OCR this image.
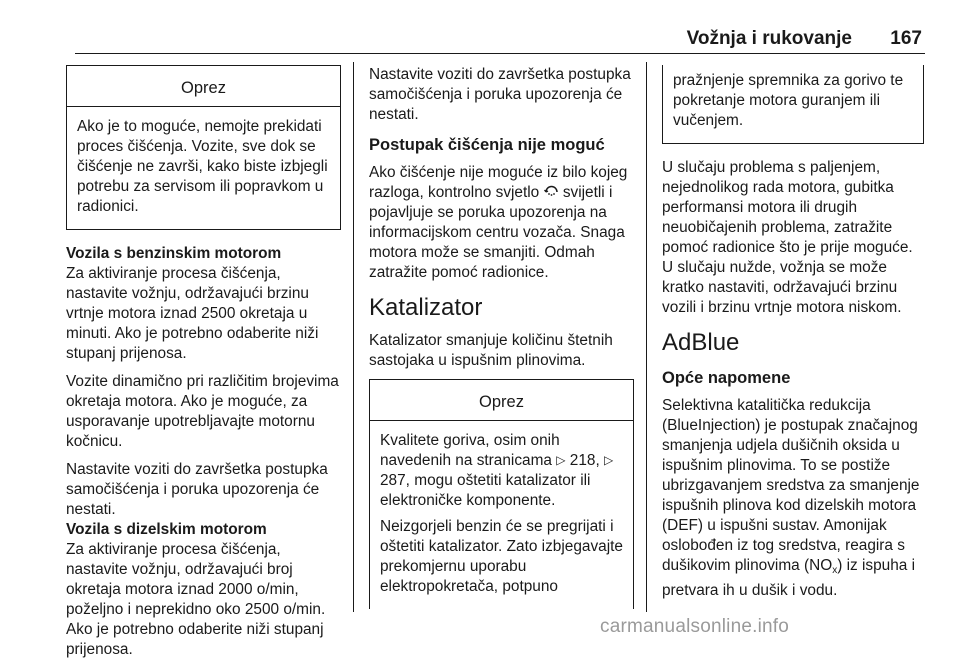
Vožnja i rukovanje 167
Oprez

Ako je to moguće, nemojte prekidati proces čišćenja. Vozite, sve dok se čišćenje ne završi, kako biste izbjegli potrebu za servisom ili popravkom u radionici.

Vozila s benzinskim motorom

Za aktiviranje procesa čišćenja, nastavite vožnju, održavajući brzinu vrtnje motora iznad 2500 okretaja u minuti. Ako je potrebno odaberite niži stupanj prijenosa.

Vozite dinamično pri različitim brojevima okretaja motora. Ako je moguće, za usporavanje upotrebljavajte motornu kočnicu.

Nastavite voziti do završetka postupka samočišćenja i poruka upozorenja će nestati.

Vozila s dizelskim motorom

Za aktiviranje procesa čišćenja, nastavite vožnju, održavajući broj okretaja motora iznad 2000 o/min, poželjno i neprekidno oko 2500 o/min. Ako je potrebno odaberite niži stupanj prijenosa.

Nastavite voziti do završetka postupka samočišćenja i poruka upozorenja će nestati.

Postupak čišćenja nije moguć

Ako čišćenje nije moguće iz bilo kojeg razloga, kontrolno svjetlo svijetli i pojavljuje se poruka upozorenja na informacijskom centru vozača. Snaga motora može se smanjiti. Odmah zatražite pomoć radionice.

Katalizator

Katalizator smanjuje količinu štetnih sastojaka u ispušnim plinovima.

Oprez

Kvalitete goriva, osim onih navedenih na stranicama ▷ 218, ▷ 287, mogu oštetiti katalizator ili elektroničke komponente.

Neizgorjeli benzin će se pregrijati i oštetiti katalizator. Zato izbjegavajte prekomjernu uporabu elektropokretača, potpuno

pražnjenje spremnika za gorivo te pokretanje motora guranjem ili vučenjem.

U slučaju problema s paljenjem, nejednolikog rada motora, gubitka performansi motora ili drugih neuobičajenih problema, zatražite pomoć radionice što je prije moguće. U slučaju nužde, vožnja se može kratko nastaviti, održavajući brzinu vozili i brzinu vrtnje motora niskom.

AdBlue

Opće napomene

Selektivna katalitička redukcija (BlueInjection) je postupak značajnog smanjenja udjela dušičnih oksida u ispušnim plinovima. To se postiže ubrizgavanjem sredstva za smanjenje ispušnih plinova kod dizelskih motora (DEF) u ispušni sustav. Amonijak oslobođen iz tog sredstva, reagira s dušikovim plinovima $(NO_x)$ iz ispuha i pretvara ih u dušik i vodu.

carmanualsonline.info
